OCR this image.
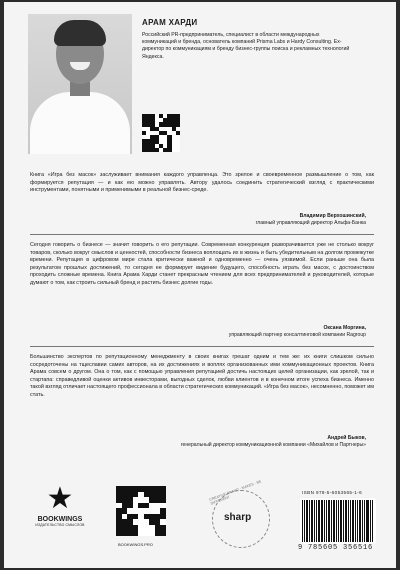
АРАМ ХАРДИ
Российский PR-предприниматель, специалист в области международных коммуникаций и бренда, основатель компаний Prisma Labs и Hardy Consulting. Ex-директор по коммуникациям и бренду бизнес-группы поиска и рекламных технологий Яндекса.
Книга «Игра без масок» заслуживает внимания каждого управленца. Это зрелое и своевременное размышление о том, как формируется репутация — и как ею можно управлять. Автору удалось соединить стратегический взгляд с практическими инструментами, понятными и применимыми в реальной бизнес-среде.
Владимир Верхошинский,
главный управляющий директор Альфа-Банка
Сегодня говорить о бизнесе — значит говорить о его репутации. Современная конкуренция разворачивается уже не столько вокруг товаров, сколько вокруг смыслов и ценностей, способности бизнеса воплощать их в жизнь и быть убедительным на долгом промежутке времени. Репутация в цифровом мире стала критически важной и одновременно — очень уязвимой. Если раньше она была результатом прошлых достижений, то сегодня ее формирует видение будущего, способность играть без масок, с достоинством проходить сложные времена. Книга Арама Харди станет прекрасным чтением для всех предпринимателей и руководителей, которые думают о том, как строить сильный бренд и растить бизнес долгие годы.
Оксана Моргина,
управляющий партнер консалтинговой компании Ragroup
Большинство экспертов по репутационному менеджменту в своих книгах грешат одним и тем же: их книги слишком сильно сосредоточены на тщеславии самих авторов, на их достижениях и воплях организованных ими коммуникационных проектов. Книга Арама совсем о другом. Она о том, как с помощью управления репутацией достичь настоящих целей организации, как зрелой, так и стартапа: справедливой оценки активов инвесторами, выгодных сделок, любви клиентов и в конечном итоге успеха бизнеса. Именно такой взгляд отличает настоящего профессионала в области стратегических коммуникаций. «Игра без масок», несомненно, поможет им стать.
Андрей Быков,
генеральный директор коммуникационной компании «Михайлов и Партнеры»
★
BOOKWINGS
ИЗДАТЕЛЬСТВО СМЫСЛОВ
BOOKWINGS.PRO
CREATIVE BRAND · MAKES · BE DIFFERENT
sharp
ISBN 978-5-6053565-1-6
9 785605 356516
